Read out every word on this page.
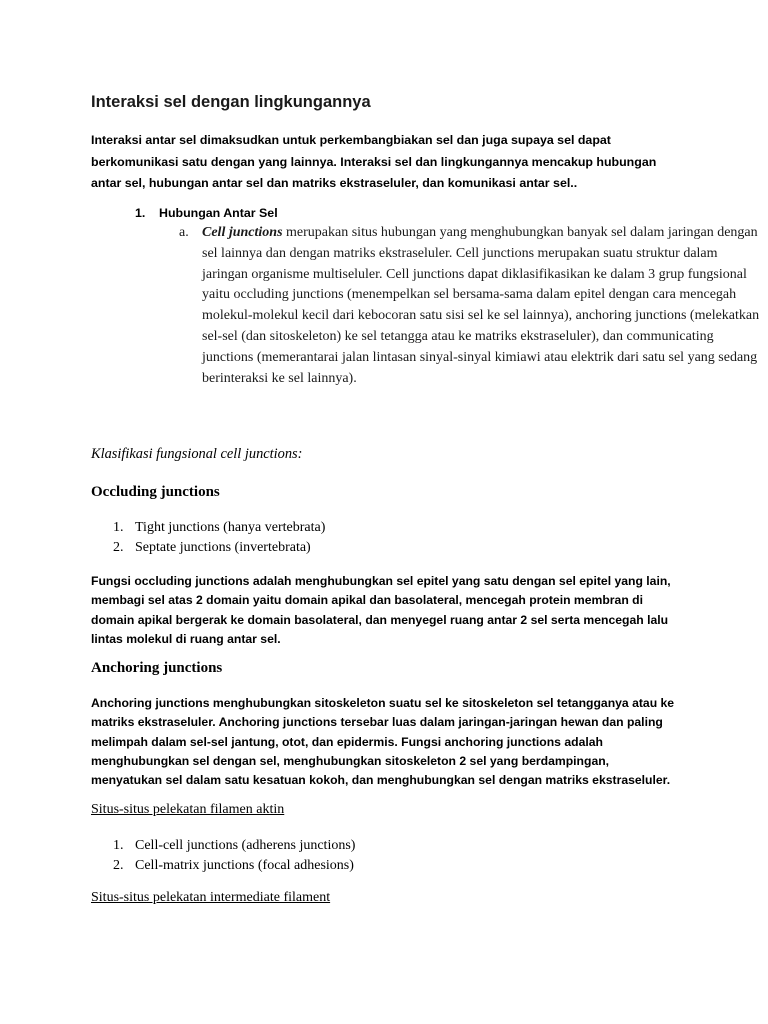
Interaksi sel dengan lingkungannya

Interaksi antar sel dimaksudkan untuk perkembangbiakan sel dan juga supaya sel dapat berkomunikasi satu dengan yang lainnya. Interaksi sel dan lingkungannya mencakup hubungan antar sel, hubungan antar sel dan matriks ekstraseluler, dan komunikasi antar sel..

1. Hubungan Antar Sel
a. Cell junctions merupakan situs hubungan yang menghubungkan banyak sel dalam jaringan dengan sel lainnya dan dengan matriks ekstraseluler. Cell junctions merupakan suatu struktur dalam jaringan organisme multiseluler. Cell junctions dapat diklasifikasikan ke dalam 3 grup fungsional yaitu occluding junctions (menempelkan sel bersama-sama dalam epitel dengan cara mencegah molekul-molekul kecil dari kebocoran satu sisi sel ke sel lainnya), anchoring junctions (melekatkan sel-sel (dan sitoskeleton) ke sel tetangga atau ke matriks ekstraseluler), dan communicating junctions (memerantarai jalan lintasan sinyal-sinyal kimiawi atau elektrik dari satu sel yang sedang berinteraksi ke sel lainnya).
Klasifikasi fungsional cell junctions:
Occluding junctions
1. Tight junctions (hanya vertebrata)
2. Septate junctions (invertebrata)

Fungsi occluding junctions adalah menghubungkan sel epitel yang satu dengan sel epitel yang lain, membagi sel atas 2 domain yaitu domain apikal dan basolateral, mencegah protein membran di domain apikal bergerak ke domain basolateral, dan menyegel ruang antar 2 sel serta mencegah lalu lintas molekul di ruang antar sel.

Anchoring junctions

Anchoring junctions menghubungkan sitoskeleton suatu sel ke sitoskeleton sel tetangganya atau ke matriks ekstraseluler. Anchoring junctions tersebar luas dalam jaringan-jaringan hewan dan paling melimpah dalam sel-sel jantung, otot, dan epidermis. Fungsi anchoring junctions adalah menghubungkan sel dengan sel, menghubungkan sitoskeleton 2 sel yang berdampingan, menyatukan sel dalam satu kesatuan kokoh, dan menghubungkan sel dengan matriks ekstraseluler.

Situs-situs pelekatan filamen aktin
1. Cell-cell junctions (adherens junctions)
2. Cell-matrix junctions (focal adhesions)
Situs-situs pelekatan intermediate filament
